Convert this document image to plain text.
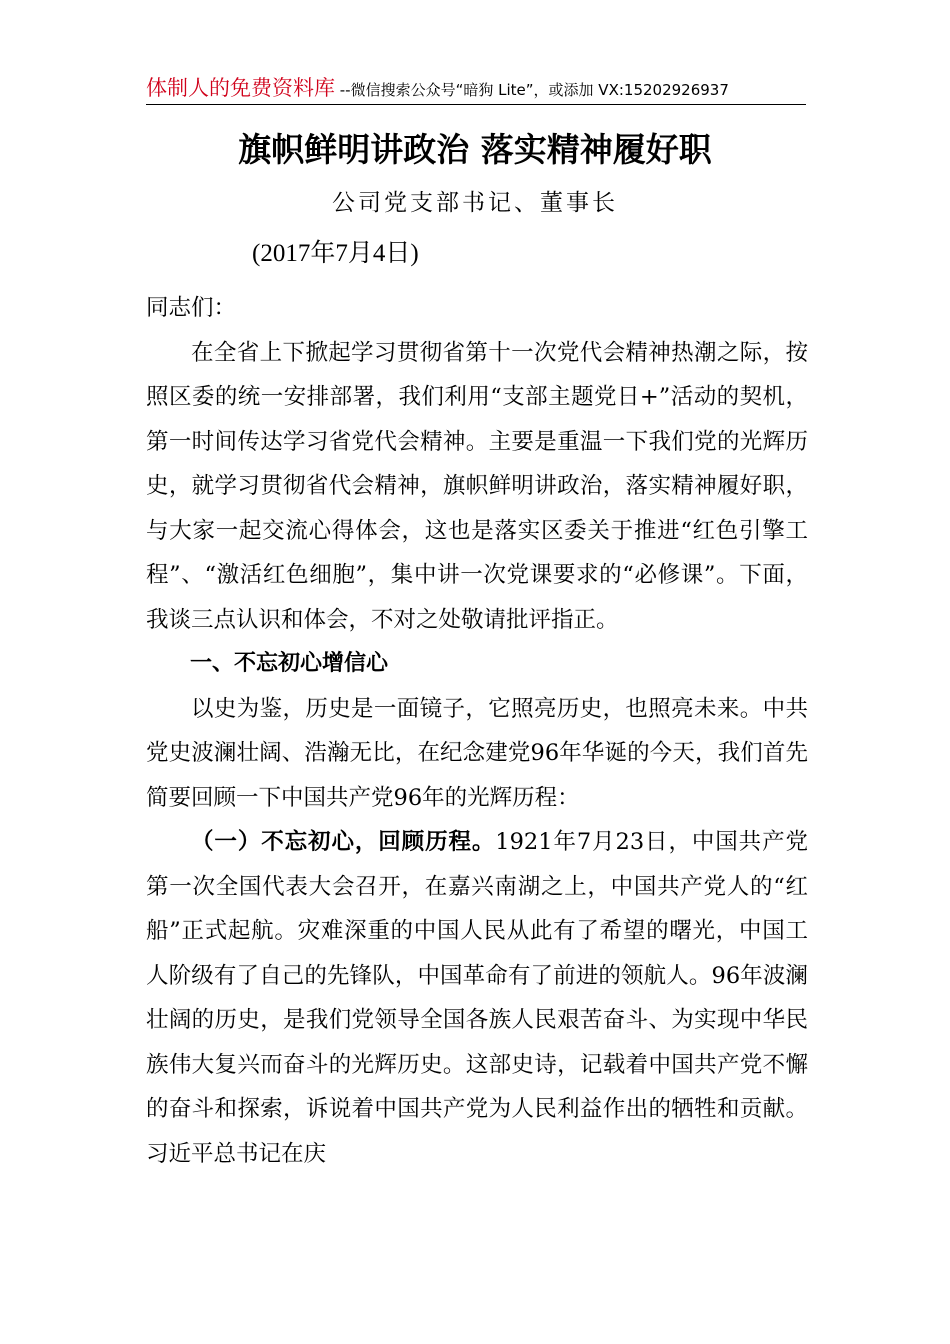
体制人的免费资料库 --微信搜索公众号“暗狗 Lite”，或添加 VX:15202926937
旗帜鲜明讲政治 落实精神履好职
公司党支部书记、董事长
(2017年7月4日)

同志们：

在全省上下掀起学习贯彻省第十一次党代会精神热潮之际，按照区委的统一安排部署，我们利用“支部主题党日+”活动的契机，第一时间传达学习省党代会精神。主要是重温一下我们党的光辉历史，就学习贯彻省代会精神，旗帜鲜明讲政治，落实精神履好职，与大家一起交流心得体会，这也是落实区委关于推进“红色引擎工程”、“激活红色细胞”，集中讲一次党课要求的“必修课”。下面，我谈三点认识和体会，不对之处敬请批评指正。

一、不忘初心增信心

以史为鉴，历史是一面镜子，它照亮历史，也照亮未来。中共党史波澜壮阔、浩瀚无比，在纪念建党96年华诞的今天，我们首先简要回顾一下中国共产党96年的光辉历程：

（一）不忘初心，回顾历程。1921年7月23日，中国共产党第一次全国代表大会召开，在嘉兴南湖之上，中国共产党人的“红船”正式起航。灾难深重的中国人民从此有了希望的曙光，中国工人阶级有了自己的先锋队，中国革命有了前进的领航人。96年波澜壮阔的历史，是我们党领导全国各族人民艰苦奋斗、为实现中华民族伟大复兴而奋斗的光辉历史。这部史诗，记载着中国共产党不懈的奋斗和探索，诉说着中国共产党为人民利益作出的牺牲和贡献。习近平总书记在庆
